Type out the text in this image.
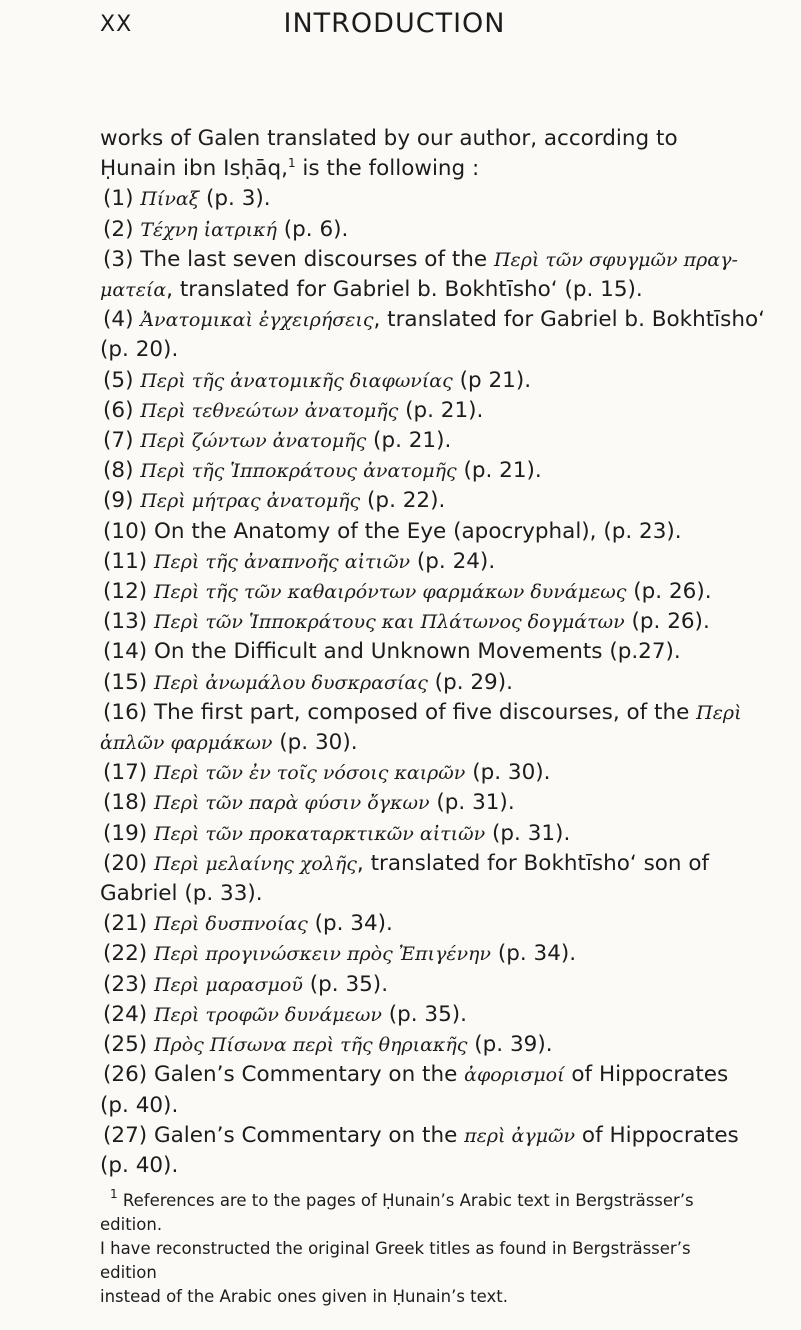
XX	INTRODUCTION

works of Galen translated by our author, according to Ḥunain ibn Isḥāq,$^1$ is the following :

(1) Πίναξ (p. 3).

(2) Τέχνη ἰατρική (p. 6).

(3) The last seven discourses of the Περὶ τῶν σφυγμῶν πραγ-

ματεία, translated for Gabriel b. Bokhtīsho‘ (p. 15).

(4) Ἀνατομικαὶ ἐγχειρήσεις, translated for Gabriel b. Bokhtīsho‘

(p. 20).

(5) Περὶ τῆς ἀνατομικῆς διαφωνίας (p 21).

(6) Περὶ τεθνεώτων ἀνατομῆς (p. 21).

(7) Περὶ ζώντων ἀνατομῆς (p. 21).

(8) Περὶ τῆς Ἱπποκράτους ἀνατομῆς (p. 21).

(9) Περὶ μήτρας ἀνατομῆς (p. 22).

(10) On the Anatomy of the Eye (apocryphal), (p. 23).

(11) Περὶ τῆς ἀναπνοῆς αἰτιῶν (p. 24).

(12) Περὶ τῆς τῶν καθαιρόντων φαρμάκων δυνάμεως (p. 26).

(13) Περὶ τῶν Ἱπποκράτους και Πλάτωνος δογμάτων (p. 26).

(14) On the Difficult and Unknown Movements (p.27).

(15) Περὶ ἀνωμάλου δυσκρασίας (p. 29).

(16) The first part, composed of five discourses, of the Περὶ

ἁπλῶν φαρμάκων (p. 30).

(17) Περὶ τῶν ἐν τοῖς νόσοις καιρῶν (p. 30).

(18) Περὶ τῶν παρὰ φύσιν ὄγκων (p. 31).

(19) Περὶ τῶν προκαταρκτικῶν αἰτιῶν (p. 31).

(20) Περὶ μελαίνης χολῆς, translated for Bokhtīsho‘ son of

Gabriel (p. 33).

(21) Περὶ δυσπνοίας (p. 34).

(22) Περὶ προγινώσκειν πρὸς Ἐπιγένην (p. 34).

(23) Περὶ μαρασμοῦ (p. 35).

(24) Περὶ τροφῶν δυνάμεων (p. 35).

(25) Πρὸς Πίσωνα περὶ τῆς θηριακῆς (p. 39).

(26) Galen’s Commentary on the ἀφορισμοί of Hippocrates

(p. 40).

(27) Galen’s Commentary on the περὶ ἀγμῶν of Hippocrates

(p. 40).

$^1$ References are to the pages of Ḥunain’s Arabic text in Bergsträsser’s edition.

I have reconstructed the original Greek titles as found in Bergsträsser’s edition

instead of the Arabic ones given in Ḥunain’s text.
